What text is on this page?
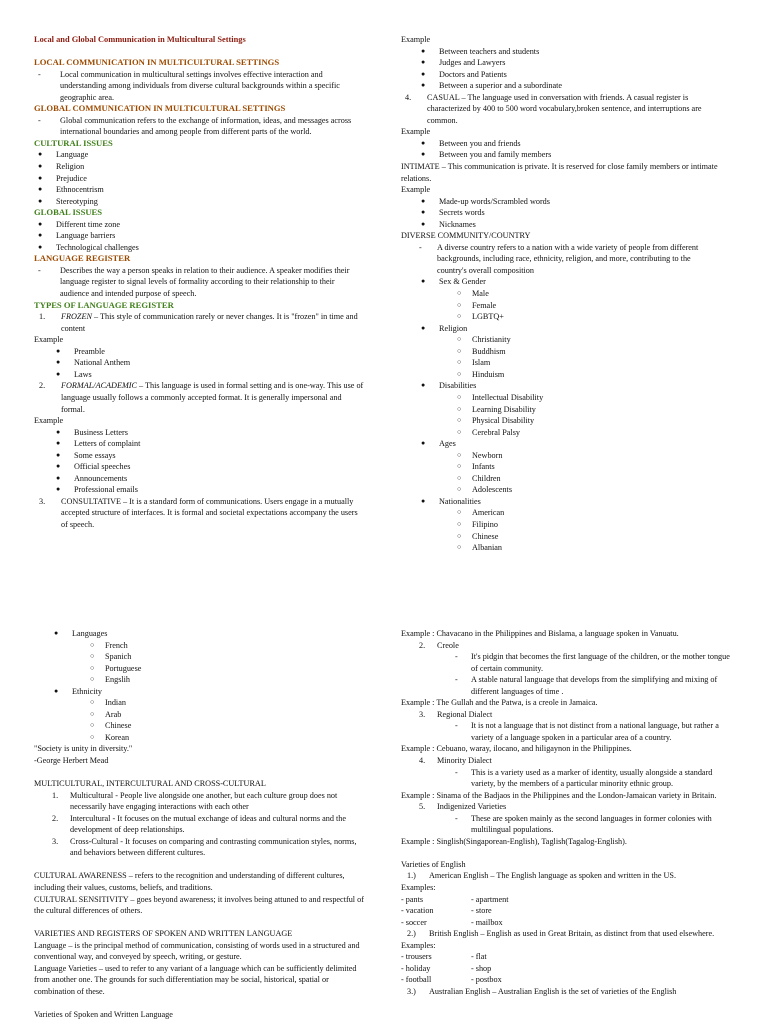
Local and Global Communication in Multicultural Settings

LOCAL COMMUNICATION IN MULTICULTURAL SETTINGS

-	Local communication in multicultural settings involves effective interaction and understanding among individuals from diverse cultural backgrounds within a specific geographic area.

GLOBAL COMMUNICATION IN MULTICULTURAL SETTINGS

-	Global communication refers to the exchange of information, ideas, and messages across international boundaries and among people from different parts of the world.

CULTURAL ISSUES

●	Language
●	Religion
●	Prejudice
●	Ethnocentrism
●	Stereotyping

GLOBAL ISSUES

●	Different time zone
●	Language barriers
●	Technological challenges

LANGUAGE REGISTER

-	Describes the way a person speaks in relation to their audience. A speaker modifies their language register to signal levels of formality according to their relationship to their audience and intended purpose of speech.

TYPES OF LANGUAGE REGISTER

1.	FROZEN – This style of communication rarely or never changes. It is "frozen" in time and content

Example

●	Preamble
●	National Anthem
●	Laws
2.	FORMAL/ACADEMIC – This language is used in formal setting and is one-way. This use of language usually follows a commonly accepted format. It is generally impersonal and formal.

Example

●	Business Letters
●	Letters of complaint
●	Some essays
●	Official speeches
●	Announcements
●	Professional emails
3.	CONSULTATIVE – It is a standard form of communications. Users engage in a mutually accepted structure of interfaces. It is formal and societal expectations accompany the users of speech.

Example

●	Between teachers and students
●	Judges and Lawyers
●	Doctors and Patients
●	Between a superior and a subordinate
4.	CASUAL – The language used in conversation with friends. A casual register is characterized by 400 to 500 word vocabulary,broken sentence, and interruptions are common.

Example

●	Between you and friends
●	Between you and family members

INTIMATE – This communication is private. It is reserved for close family members or intimate relations.

Example

●	Made-up words/Scrambled words
●	Secrets words
●	Nicknames

DIVERSE COMMUNITY/COUNTRY

-	A diverse country refers to a nation with a wide variety of people from different backgrounds, including race, ethnicity, religion, and more, contributing to the country's overall composition
●	Sex & Gender
○	Male
○	Female
○	LGBTQ+
●	Religion
○	Christianity
○	Buddhism
○	Islam
○	Hinduism
●	Disabilities
○	Intellectual Disability
○	Learning Disability
○	Physical Disability
○	Cerebral Palsy
●	Ages
○	Newborn
○	Infants
○	Children
○	Adolescents
●	Nationalities
○	American
○	Filipino
○	Chinese
○	Albanian
●	Languages
○	French
○	Spanich
○	Portuguese
○	Engslih
●	Ethnicity
○	Indian
○	Arab
○	Chinese
○	Korean

"Society is unity in diversity."

-George Herbert Mead

MULTICULTURAL, INTERCULTURAL AND CROSS-CULTURAL

1.	Multicultural - People live alongside one another, but each culture group does not necessarily have engaging interactions with each other
2.	Intercultural - It focuses on the mutual exchange of ideas and cultural norms and the development of deep relationships.
3.	Cross-Cultural - It focuses on comparing and contrasting communication styles, norms, and behaviors between different cultures.

CULTURAL AWARENESS – refers to the recognition and understanding of different cultures, including their values, customs, beliefs, and traditions.

CULTURAL SENSITIVITY – goes beyond awareness; it involves being attuned to and respectful of the cultural differences of others.

VARIETIES AND REGISTERS OF SPOKEN AND WRITTEN LANGUAGE

Language – is the principal method of communication, consisting of words used in a structured and conventional way, and conveyed by speech, writing, or gesture.

Language Varieties – used to refer to any variant of a language which can be sufficiently delimited from another one. The grounds for such differentiation may be social, historical, spatial or combination of these.

Varieties of Spoken and Written Language

Example : Chavacano in the Philippines and Bislama, a language spoken in Vanuatu.

2.	Creole
-	It's pidgin that becomes the first language of the children, or the mother tongue of certain community.
-	A stable natural language that develops from the simplifying and mixing of different languages of time .

Example : The Gullah and the Patwa, is a creole in Jamaica.

3.	Regional Dialect
-	It is not a language that is not distinct from a national language, but rather a variety of a language spoken in a particular area of a country.

Example : Cebuano, waray, ilocano, and hiligaynon in the Philippines.

4.	Minority Dialect
-	This is a variety used as a marker of identity, usually alongside a standard variety, by the members of a particular minority ethnic group.

Example : Sinama of the Badjaos in the Philippines and the London-Jamaican variety in Britain.

5.	Indigenized Varieties
-	These are spoken mainly as the second languages in former colonies with multilingual populations.

Example : Singlish(Singaporean-English), Taglish(Tagalog-English).

Varieties of English

1.)	American English – The English language as spoken and written in the US.

Examples:

- pants	- apartment
- vacation	- store
- soccer	- mailbox
2.)	British English – English as used in Great Britain, as distinct from that used elsewhere.

Examples:

- trousers	- flat
- holiday	- shop
- football	- postbox
3.)	Australian English – Australian English is the set of varieties of the English
